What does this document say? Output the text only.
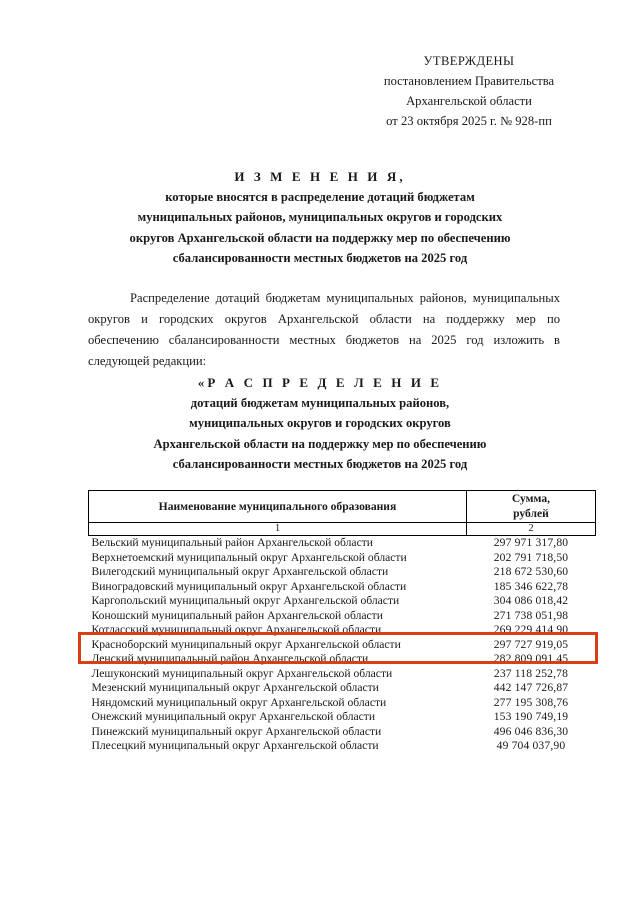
УТВЕРЖДЕНЫ
постановлением Правительства
Архангельской области
от 23 октября 2025 г. № 928-пп
И З М Е Н Е Н И Я,
которые вносятся в распределение дотаций бюджетам
муниципальных районов, муниципальных округов и городских
округов Архангельской области на поддержку мер по обеспечению
сбалансированности местных бюджетов на 2025 год
Распределение дотаций бюджетам муниципальных районов, муниципальных округов и городских округов Архангельской области на поддержку мер по обеспечению сбалансированности местных бюджетов на 2025 год изложить в следующей редакции:
«Р А С П Р Е Д Е Л Е Н И Е
дотаций бюджетам муниципальных районов,
муниципальных округов и городских округов
Архангельской области на поддержку мер по обеспечению
сбалансированности местных бюджетов на 2025 год
Наименование муниципального образования	Сумма,
рублей
1	2
Вельский муниципальный район Архангельской области	297 971 317,80
Верхнетоемский муниципальный округ Архангельской области	202 791 718,50
Вилегодский муниципальный округ Архангельской области	218 672 530,60
Виноградовский муниципальный округ Архангельской области	185 346 622,78
Каргопольский муниципальный округ Архангельской области	304 086 018,42
Коношский муниципальный район Архангельской области	271 738 051,98
Котласский муниципальный округ Архангельской области	269 229 414,90
Красноборский муниципальный округ Архангельской области	297 727 919,05
Ленский муниципальный район Архангельской области	282 809 091,45
Лешуконский муниципальный округ Архангельской области	237 118 252,78
Мезенский муниципальный округ Архангельской области	442 147 726,87
Няндомский муниципальный округ Архангельской области	277 195 308,76
Онежский муниципальный округ Архангельской области	153 190 749,19
Пинежский муниципальный округ Архангельской области	496 046 836,30
Плесецкий муниципальный округ Архангельской области	49 704 037,90
